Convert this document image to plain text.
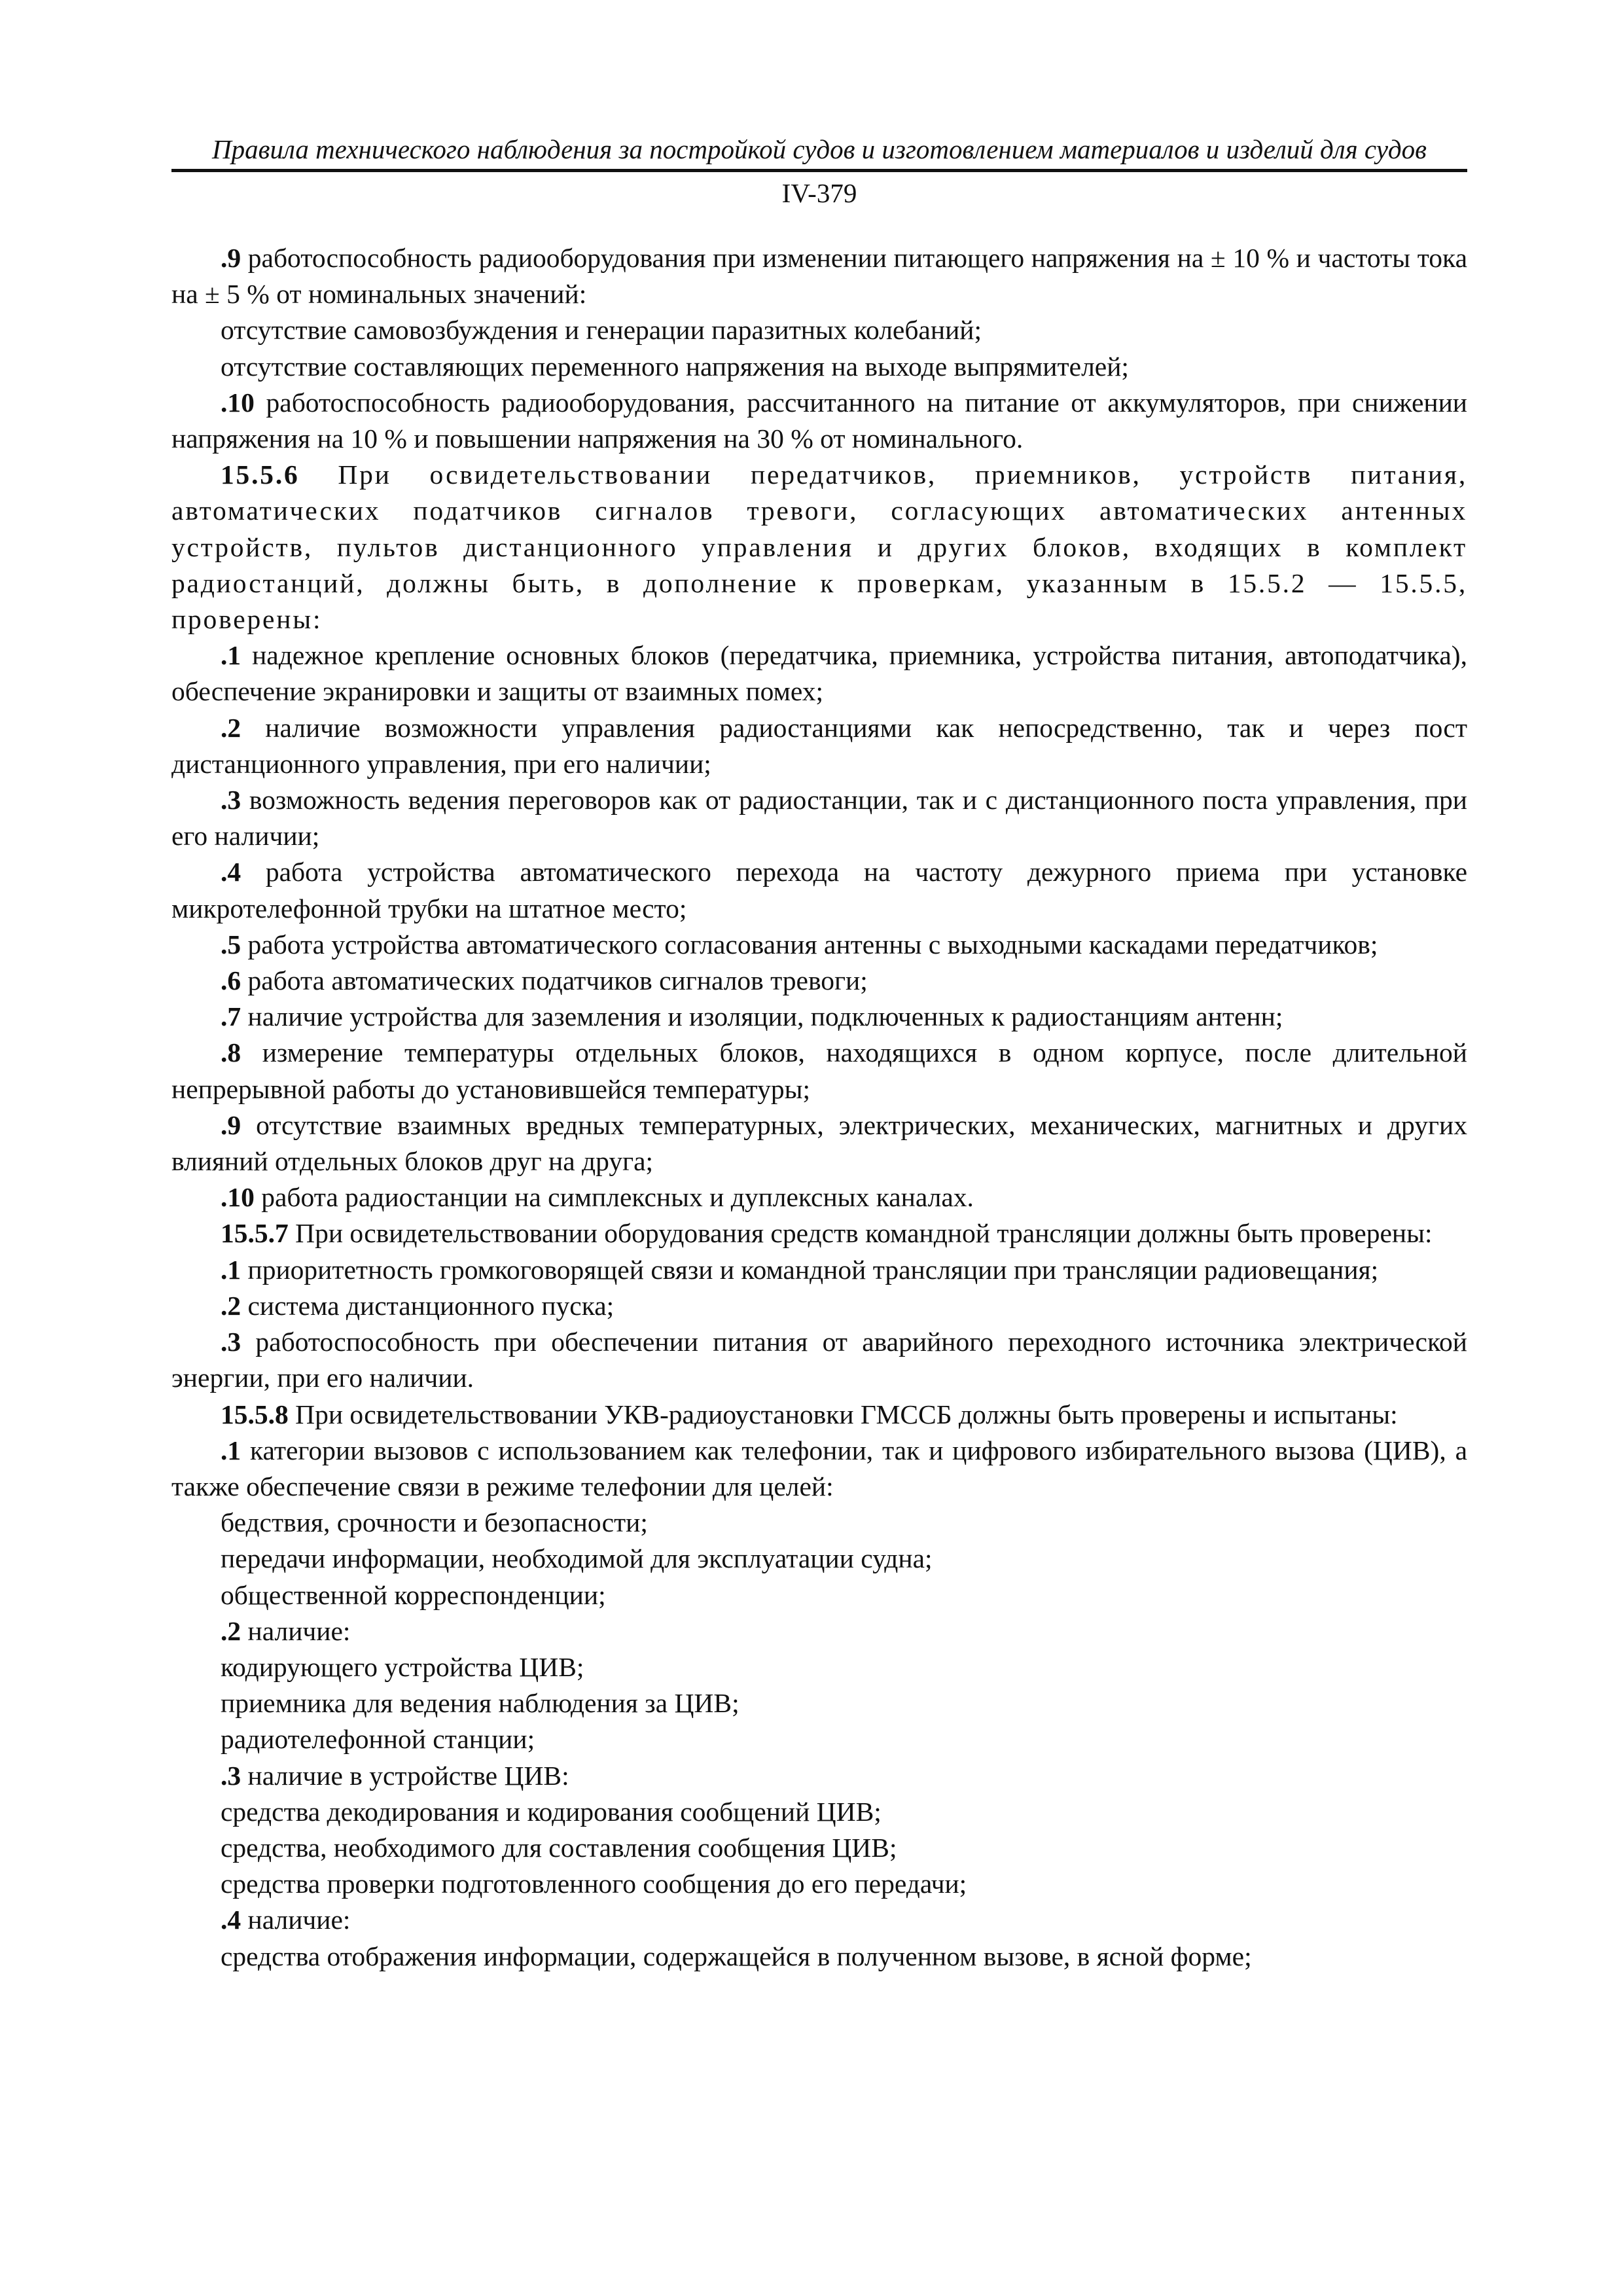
Правила технического наблюдения за постройкой судов и изготовлением материалов и изделий для судов
IV-379

.9 работоспособность радиооборудования при изменении питающего напряжения на ± 10 % и частоты тока на ± 5 % от номинальных значений:

отсутствие самовозбуждения и генерации паразитных колебаний;

отсутствие составляющих переменного напряжения на выходе выпрямителей;

.10 работоспособность радиооборудования, рассчитанного на питание от аккумуляторов, при снижении напряжения на 10 % и повышении напряжения на 30 % от номинального.

15.5.6 При освидетельствовании передатчиков, приемников, устройств питания, автоматических податчиков сигналов тревоги, согласующих автоматических антенных устройств, пультов дистанционного управления и других блоков, входящих в комплект радиостанций, должны быть, в дополнение к проверкам, указанным в 15.5.2 — 15.5.5, проверены:

.1 надежное крепление основных блоков (передатчика, приемника, устройства питания, автоподатчика), обеспечение экранировки и защиты от взаимных помех;

.2 наличие возможности управления радиостанциями как непосредственно, так и через пост дистанционного управления, при его наличии;

.3 возможность ведения переговоров как от радиостанции, так и с дистанционного поста управления, при его наличии;

.4 работа устройства автоматического перехода на частоту дежурного приема при установке микротелефонной трубки на штатное место;

.5 работа устройства автоматического согласования антенны с выходными каскадами передатчиков;

.6 работа автоматических податчиков сигналов тревоги;

.7 наличие устройства для заземления и изоляции, подключенных к радиостанциям антенн;

.8 измерение температуры отдельных блоков, находящихся в одном корпусе, после длительной непрерывной работы до установившейся температуры;

.9 отсутствие взаимных вредных температурных, электрических, механических, магнитных и других влияний отдельных блоков друг на друга;

.10 работа радиостанции на симплексных и дуплексных каналах.

15.5.7 При освидетельствовании оборудования средств командной трансляции должны быть проверены:

.1 приоритетность громкоговорящей связи и командной трансляции при трансляции радиовещания;

.2 система дистанционного пуска;

.3 работоспособность при обеспечении питания от аварийного переходного источника электрической энергии, при его наличии.

15.5.8 При освидетельствовании УКВ-радиоустановки ГМССБ должны быть проверены и испытаны:

.1 категории вызовов с использованием как телефонии, так и цифрового избирательного вызова (ЦИВ), а также обеспечение связи в режиме телефонии для целей:

бедствия, срочности и безопасности;

передачи информации, необходимой для эксплуатации судна;

общественной корреспонденции;

.2 наличие:

кодирующего устройства ЦИВ;

приемника для ведения наблюдения за ЦИВ;

радиотелефонной станции;

.3 наличие в устройстве ЦИВ:

средства декодирования и кодирования сообщений ЦИВ;

средства, необходимого для составления сообщения ЦИВ;

средства проверки подготовленного сообщения до его передачи;

.4 наличие:

средства отображения информации, содержащейся в полученном вызове, в ясной форме;
